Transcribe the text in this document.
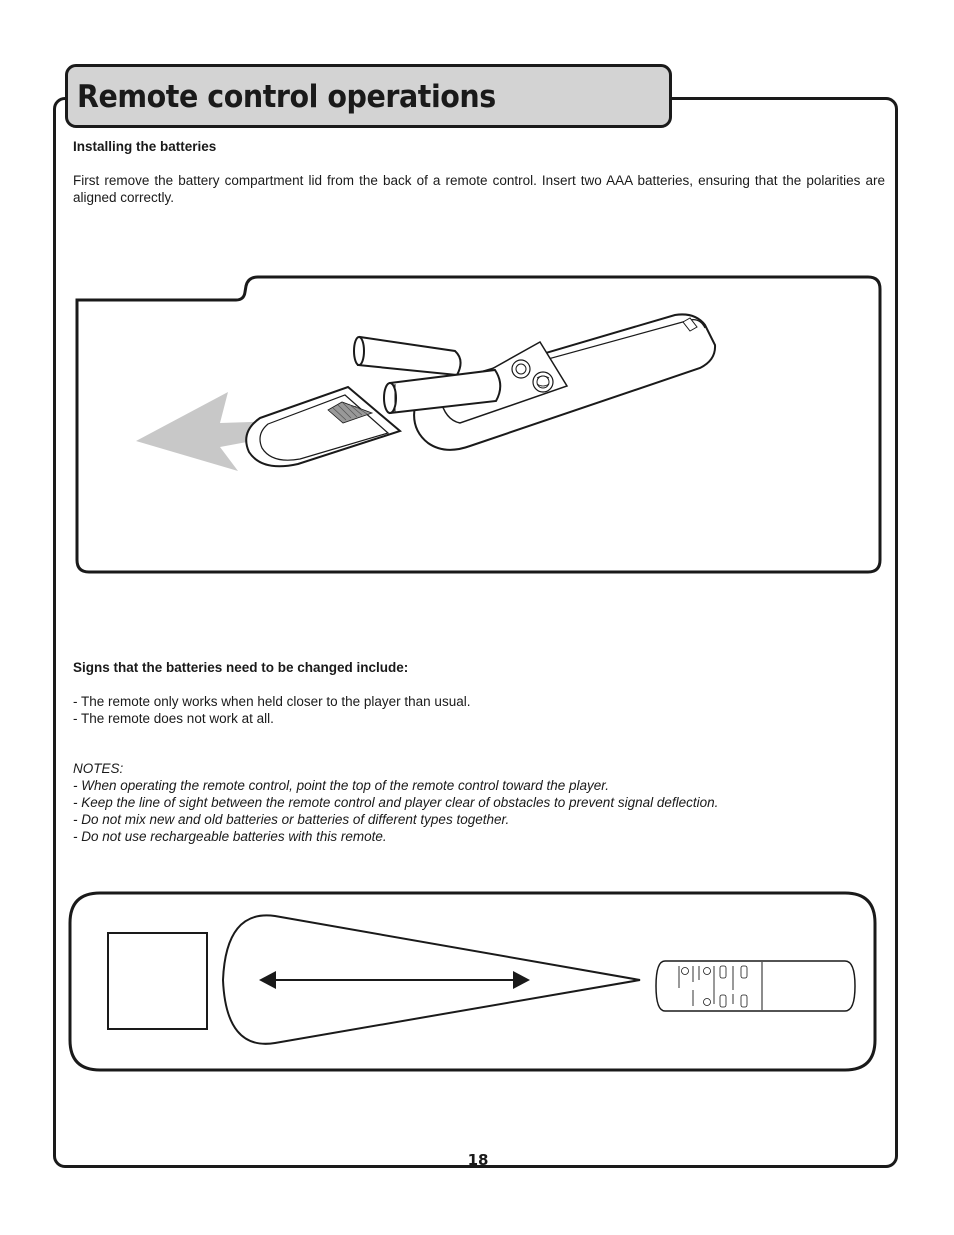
Remote control operations
Installing the batteries
First remove the battery compartment lid from the back of a remote control. Insert two AAA batteries, ensuring that the polarities are aligned correctly.
Signs that the batteries need to be changed include:
- The remote only works when held closer to the player than usual.
- The remote does not work at all.
NOTES:
- When operating the remote control, point the top of the remote control toward the player.
- Keep the line of sight between the remote control and player clear of obstacles to prevent signal deflection.
- Do not mix new and old batteries or batteries of different types together.
- Do not use rechargeable batteries with this remote.
18
